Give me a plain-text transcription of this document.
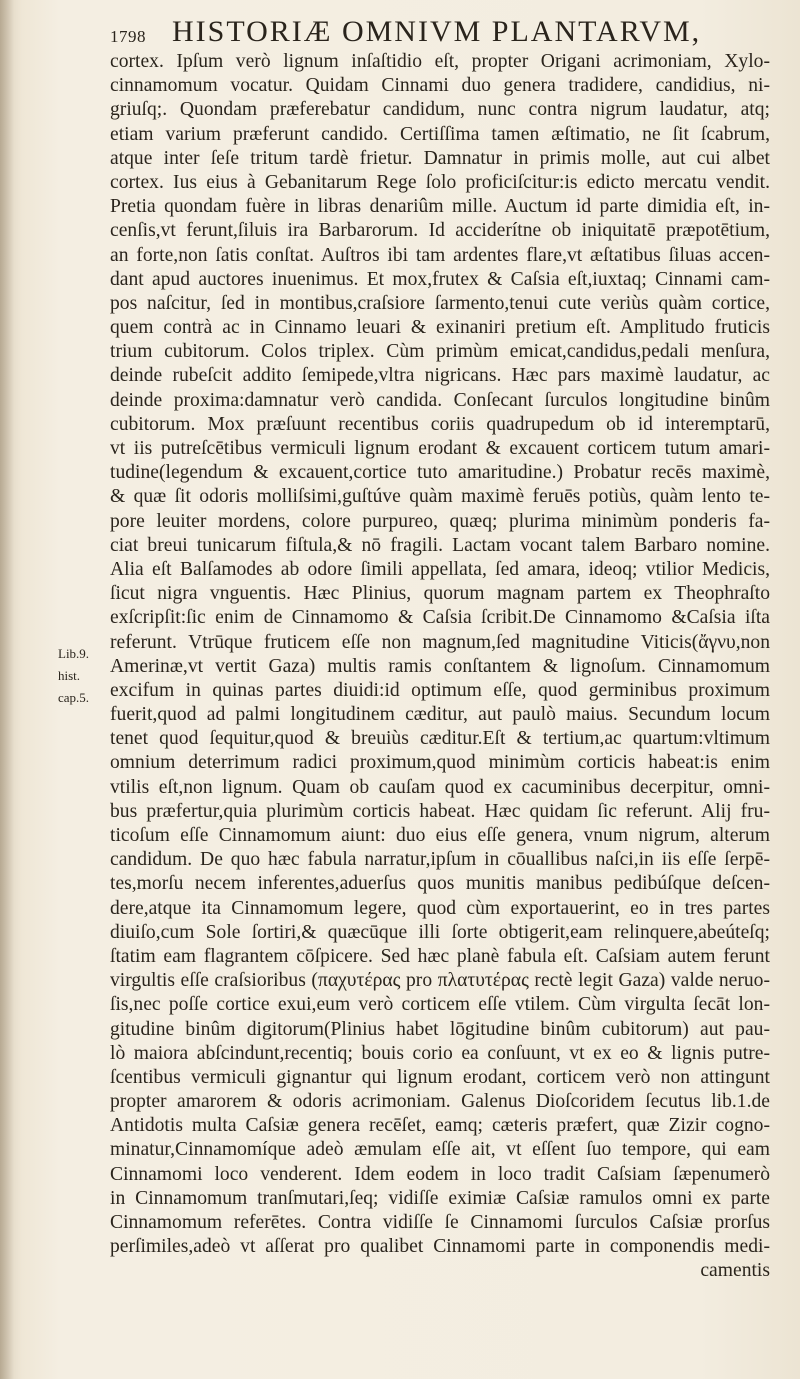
1798 HISTORIÆ OMNIVM PLANTARVM,
Lib.9. hist.
cap.5.
cortex. Ipſum verò lignum inſaſtidio eſt, propter Origani acrimoniam, Xylo-
cinnamomum vocatur. Quidam Cinnami duo genera tradidere, candidius, ni-
griuſq;. Quondam præferebatur candidum, nunc contra nigrum laudatur, atq;
etiam varium præferunt candido. Certiſſima tamen æſtimatio, ne ſit ſcabrum,
atque inter ſeſe tritum tardè frietur. Damnatur in primis molle, aut cui albet
cortex. Ius eius à Gebanitarum Rege ſolo proficiſcitur:is edicto mercatu vendit.
Pretia quondam fuère in libras denariûm mille. Auctum id parte dimidia eſt, in-
cenſis,vt ferunt,ſiluis ira Barbarorum. Id acciderítne ob iniquitatē præpotētium,
an forte,non ſatis conſtat. Auſtros ibi tam ardentes flare,vt æſtatibus ſiluas accen-
dant apud auctores inuenimus. Et mox,frutex & Caſsia eſt,iuxtaq; Cinnami cam-
pos naſcitur, ſed in montibus,craſsiore ſarmento,tenui cute veriùs quàm cortice,
quem contrà ac in Cinnamo leuari & exinaniri pretium eſt. Amplitudo fruticis
trium cubitorum. Colos triplex. Cùm primùm emicat,candidus,pedali menſura,
deinde rubeſcit addito ſemipede,vltra nigricans. Hæc pars maximè laudatur, ac
deinde proxima:damnatur verò candida. Conſecant ſurculos longitudine binûm
cubitorum. Mox præſuunt recentibus coriis quadrupedum ob id interemptarū,
vt iis putreſcētibus vermiculi lignum erodant & excauent corticem tutum amari-
tudine(legendum & excauent,cortice tuto amaritudine.) Probatur recēs maximè,
& quæ ſit odoris molliſsimi,guſtúve quàm maximè feruēs potiùs, quàm lento te-
pore leuiter mordens, colore purpureo, quæq; plurima minimùm ponderis fa-
ciat breui tunicarum fiſtula,& nō fragili. Lactam vocant talem Barbaro nomine.
Alia eſt Balſamodes ab odore ſimili appellata, ſed amara, ideoq; vtilior Medicis,
ſicut nigra vnguentis. Hæc Plinius, quorum magnam partem ex Theophraſto
exſcripſit:ſic enim de Cinnamomo & Caſsia ſcribit.De Cinnamomo &Caſsia iſta
referunt. Vtrūque fruticem eſſe non magnum,ſed magnitudine Viticis(ἄγνυ,non
Amerinæ,vt vertit Gaza) multis ramis conſtantem & lignoſum. Cinnamomum
excifum in quinas partes diuidi:id optimum eſſe, quod germinibus proximum
fuerit,quod ad palmi longitudinem cæditur, aut paulò maius. Secundum locum
tenet quod ſequitur,quod & breuiùs cæditur.Eſt & tertium,ac quartum:vltimum
omnium deterrimum radici proximum,quod minimùm corticis habeat:is enim
vtilis eſt,non lignum. Quam ob cauſam quod ex cacuminibus decerpitur, omni-
bus præfertur,quia plurimùm corticis habeat. Hæc quidam ſic referunt. Alij fru-
ticoſum eſſe Cinnamomum aiunt: duo eius eſſe genera, vnum nigrum, alterum
candidum. De quo hæc fabula narratur,ipſum in cōuallibus naſci,in iis eſſe ſerpē-
tes,morſu necem inferentes,aduerſus quos munitis manibus pedibúſque deſcen-
dere,atque ita Cinnamomum legere, quod cùm exportauerint, eo in tres partes
diuiſo,cum Sole ſortiri,& quæcūque illi ſorte obtigerit,eam relinquere,abeúteſq;
ſtatim eam flagrantem cōſpicere. Sed hæc planè fabula eſt. Caſsiam autem ferunt
virgultis eſſe craſsioribus (παχυτέρας pro πλατυτέρας rectè legit Gaza) valde neruo-
ſis,nec poſſe cortice exui,eum verò corticem eſſe vtilem. Cùm virgulta ſecāt lon-
gitudine binûm digitorum(Plinius habet lōgitudine binûm cubitorum) aut pau-
lò maiora abſcindunt,recentiq; bouis corio ea conſuunt, vt ex eo & lignis putre-
ſcentibus vermiculi gignantur qui lignum erodant, corticem verò non attingunt
propter amarorem & odoris acrimoniam. Galenus Dioſcoridem ſecutus lib.1.de
Antidotis multa Caſsiæ genera recēſet, eamq; cæteris præfert, quæ Zizir cogno-
minatur,Cinnamomíque adeò æmulam eſſe ait, vt eſſent ſuo tempore, qui eam
Cinnamomi loco venderent. Idem eodem in loco tradit Caſsiam ſæpenumerò
in Cinnamomum tranſmutari,ſeq; vidiſſe eximiæ Caſsiæ ramulos omni ex parte
Cinnamomum referētes. Contra vidiſſe ſe Cinnamomi ſurculos Caſsiæ prorſus
perſimiles,adeò vt aſſerat pro qualibet Cinnamomi parte in componendis medi-
camentis
